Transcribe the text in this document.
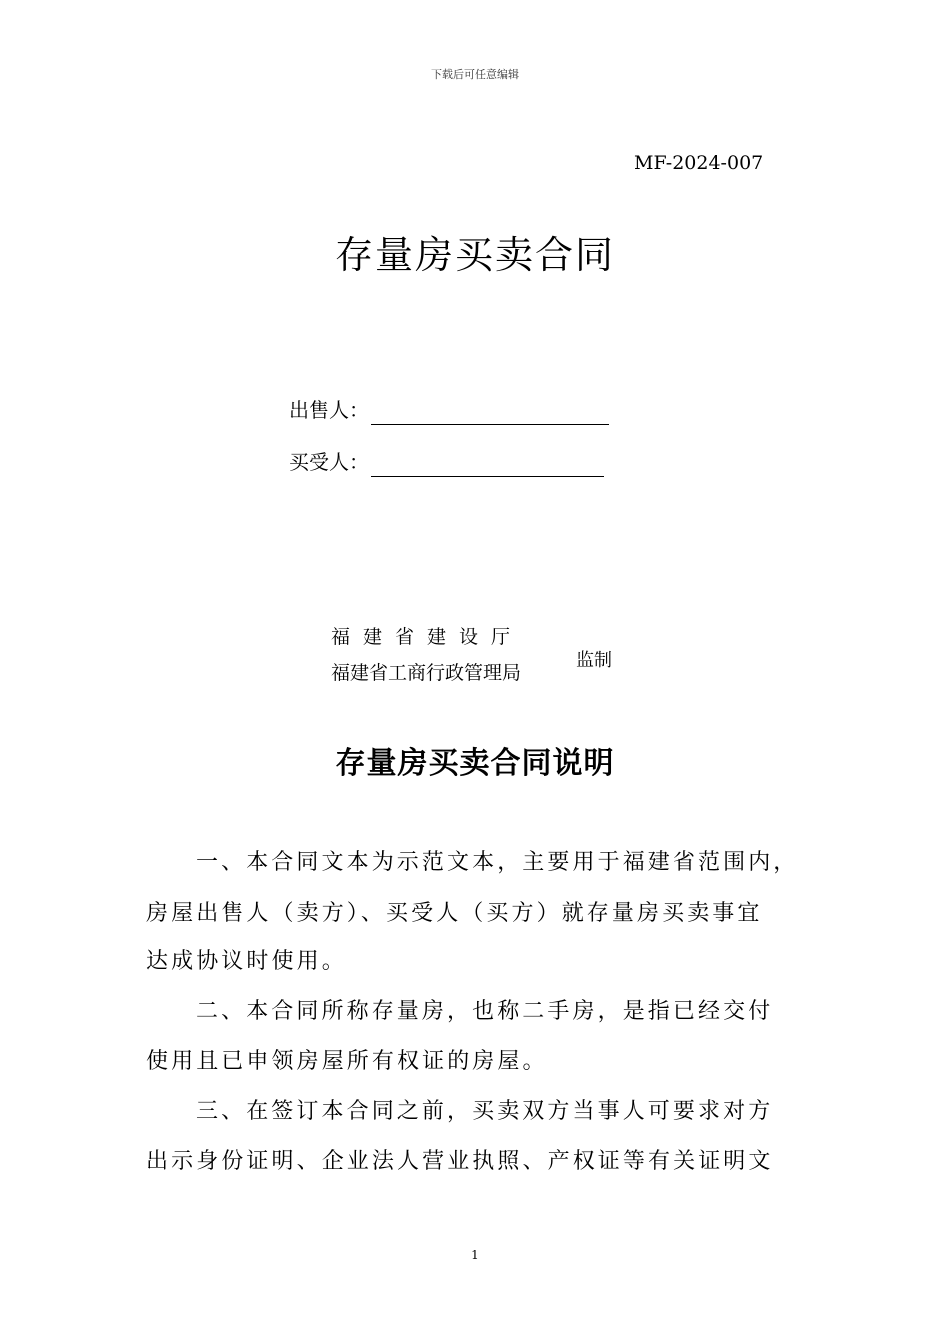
下载后可任意编辑
MF-2024-007
存量房买卖合同
出售人：
买受人：
福建省建设厅
福建省工商行政管理局
监制
存量房买卖合同说明
一、本合同文本为示范文本，主要用于福建省范围内，
房屋出售人（卖方）、买受人（买方）就存量房买卖事宜
达成协议时使用。
二、本合同所称存量房，也称二手房，是指已经交付
使用且已申领房屋所有权证的房屋。
三、在签订本合同之前，买卖双方当事人可要求对方
出示身份证明、企业法人营业执照、产权证等有关证明文
1
